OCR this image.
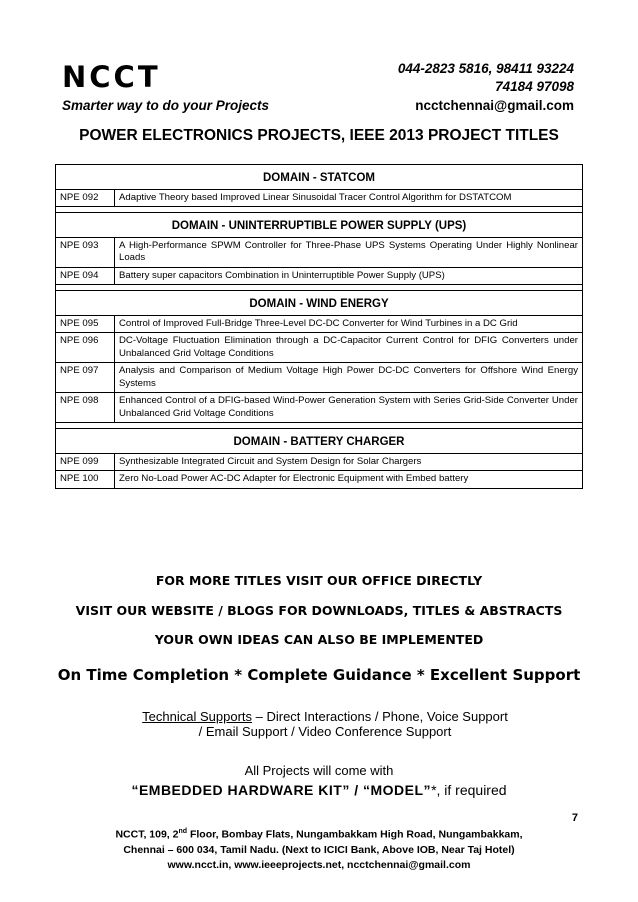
NCCT
Smarter way to do your Projects
044-2823 5816, 98411 93224
74184 97098
ncctchennai@gmail.com
POWER ELECTRONICS PROJECTS, IEEE 2013 PROJECT TITLES
DOMAIN - STATCOM	
NPE 092	Adaptive Theory based Improved Linear Sinusoidal Tracer Control Algorithm for DSTATCOM

DOMAIN - UNINTERRUPTIBLE POWER SUPPLY (UPS)	
NPE 093	A High-Performance SPWM Controller for Three-Phase UPS Systems Operating Under Highly Nonlinear Loads
NPE 094	Battery super capacitors Combination in Uninterruptible Power Supply (UPS)

DOMAIN - WIND ENERGY	
NPE 095	Control of Improved Full-Bridge Three-Level DC-DC Converter for Wind Turbines in a DC Grid
NPE 096	DC-Voltage Fluctuation Elimination through a DC-Capacitor Current Control for DFIG Converters under Unbalanced Grid Voltage Conditions
NPE 097	Analysis and Comparison of Medium Voltage High Power DC-DC Converters for Offshore Wind Energy Systems
NPE 098	Enhanced Control of a DFIG-based Wind-Power Generation System with Series Grid-Side Converter Under Unbalanced Grid Voltage Conditions

DOMAIN - BATTERY CHARGER	
NPE 099	Synthesizable Integrated Circuit and System Design for Solar Chargers
NPE 100	Zero No-Load Power AC-DC Adapter for Electronic Equipment with Embed battery
FOR MORE TITLES VISIT OUR OFFICE DIRECTLY
VISIT OUR WEBSITE / BLOGS FOR DOWNLOADS, TITLES & ABSTRACTS
YOUR OWN IDEAS CAN ALSO BE IMPLEMENTED
On Time Completion * Complete Guidance * Excellent Support
Technical Supports – Direct Interactions / Phone, Voice Support
/ Email Support / Video Conference Support
All Projects will come with
“EMBEDDED HARDWARE KIT” / “MODEL”*, if required
7
NCCT, 109, 2nd Floor, Bombay Flats, Nungambakkam High Road, Nungambakkam,
Chennai – 600 034, Tamil Nadu. (Next to ICICI Bank, Above IOB, Near Taj Hotel)
www.ncct.in, www.ieeeprojects.net, ncctchennai@gmail.com
